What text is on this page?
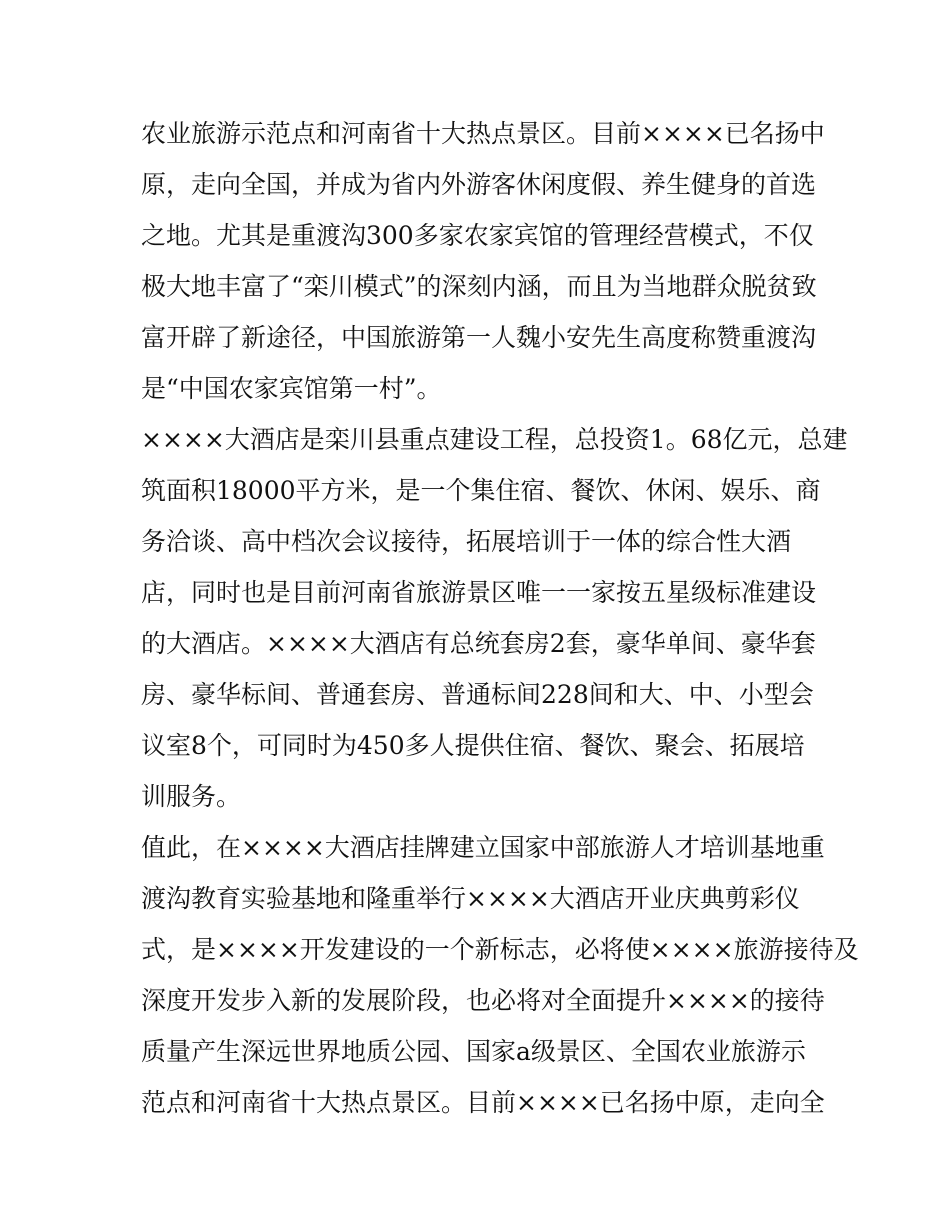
农业旅游示范点和河南省十大热点景区。目前××××已名扬中
原，走向全国，并成为省内外游客休闲度假、养生健身的首选
之地。尤其是重渡沟300多家农家宾馆的管理经营模式，不仅
极大地丰富了“栾川模式”的深刻内涵，而且为当地群众脱贫致
富开辟了新途径，中国旅游第一人魏小安先生高度称赞重渡沟
是“中国农家宾馆第一村”。
××××大酒店是栾川县重点建设工程，总投资1。68亿元，总建
筑面积18000平方米，是一个集住宿、餐饮、休闲、娱乐、商
务洽谈、高中档次会议接待，拓展培训于一体的综合性大酒
店，同时也是目前河南省旅游景区唯一一家按五星级标准建设
的大酒店。××××大酒店有总统套房2套，豪华单间、豪华套
房、豪华标间、普通套房、普通标间228间和大、中、小型会
议室8个，可同时为450多人提供住宿、餐饮、聚会、拓展培
训服务。
值此，在××××大酒店挂牌建立国家中部旅游人才培训基地重
渡沟教育实验基地和隆重举行××××大酒店开业庆典剪彩仪
式，是××××开发建设的一个新标志，必将使××××旅游接待及
深度开发步入新的发展阶段，也必将对全面提升××××的接待
质量产生深远世界地质公园、国家a级景区、全国农业旅游示
范点和河南省十大热点景区。目前××××已名扬中原，走向全
